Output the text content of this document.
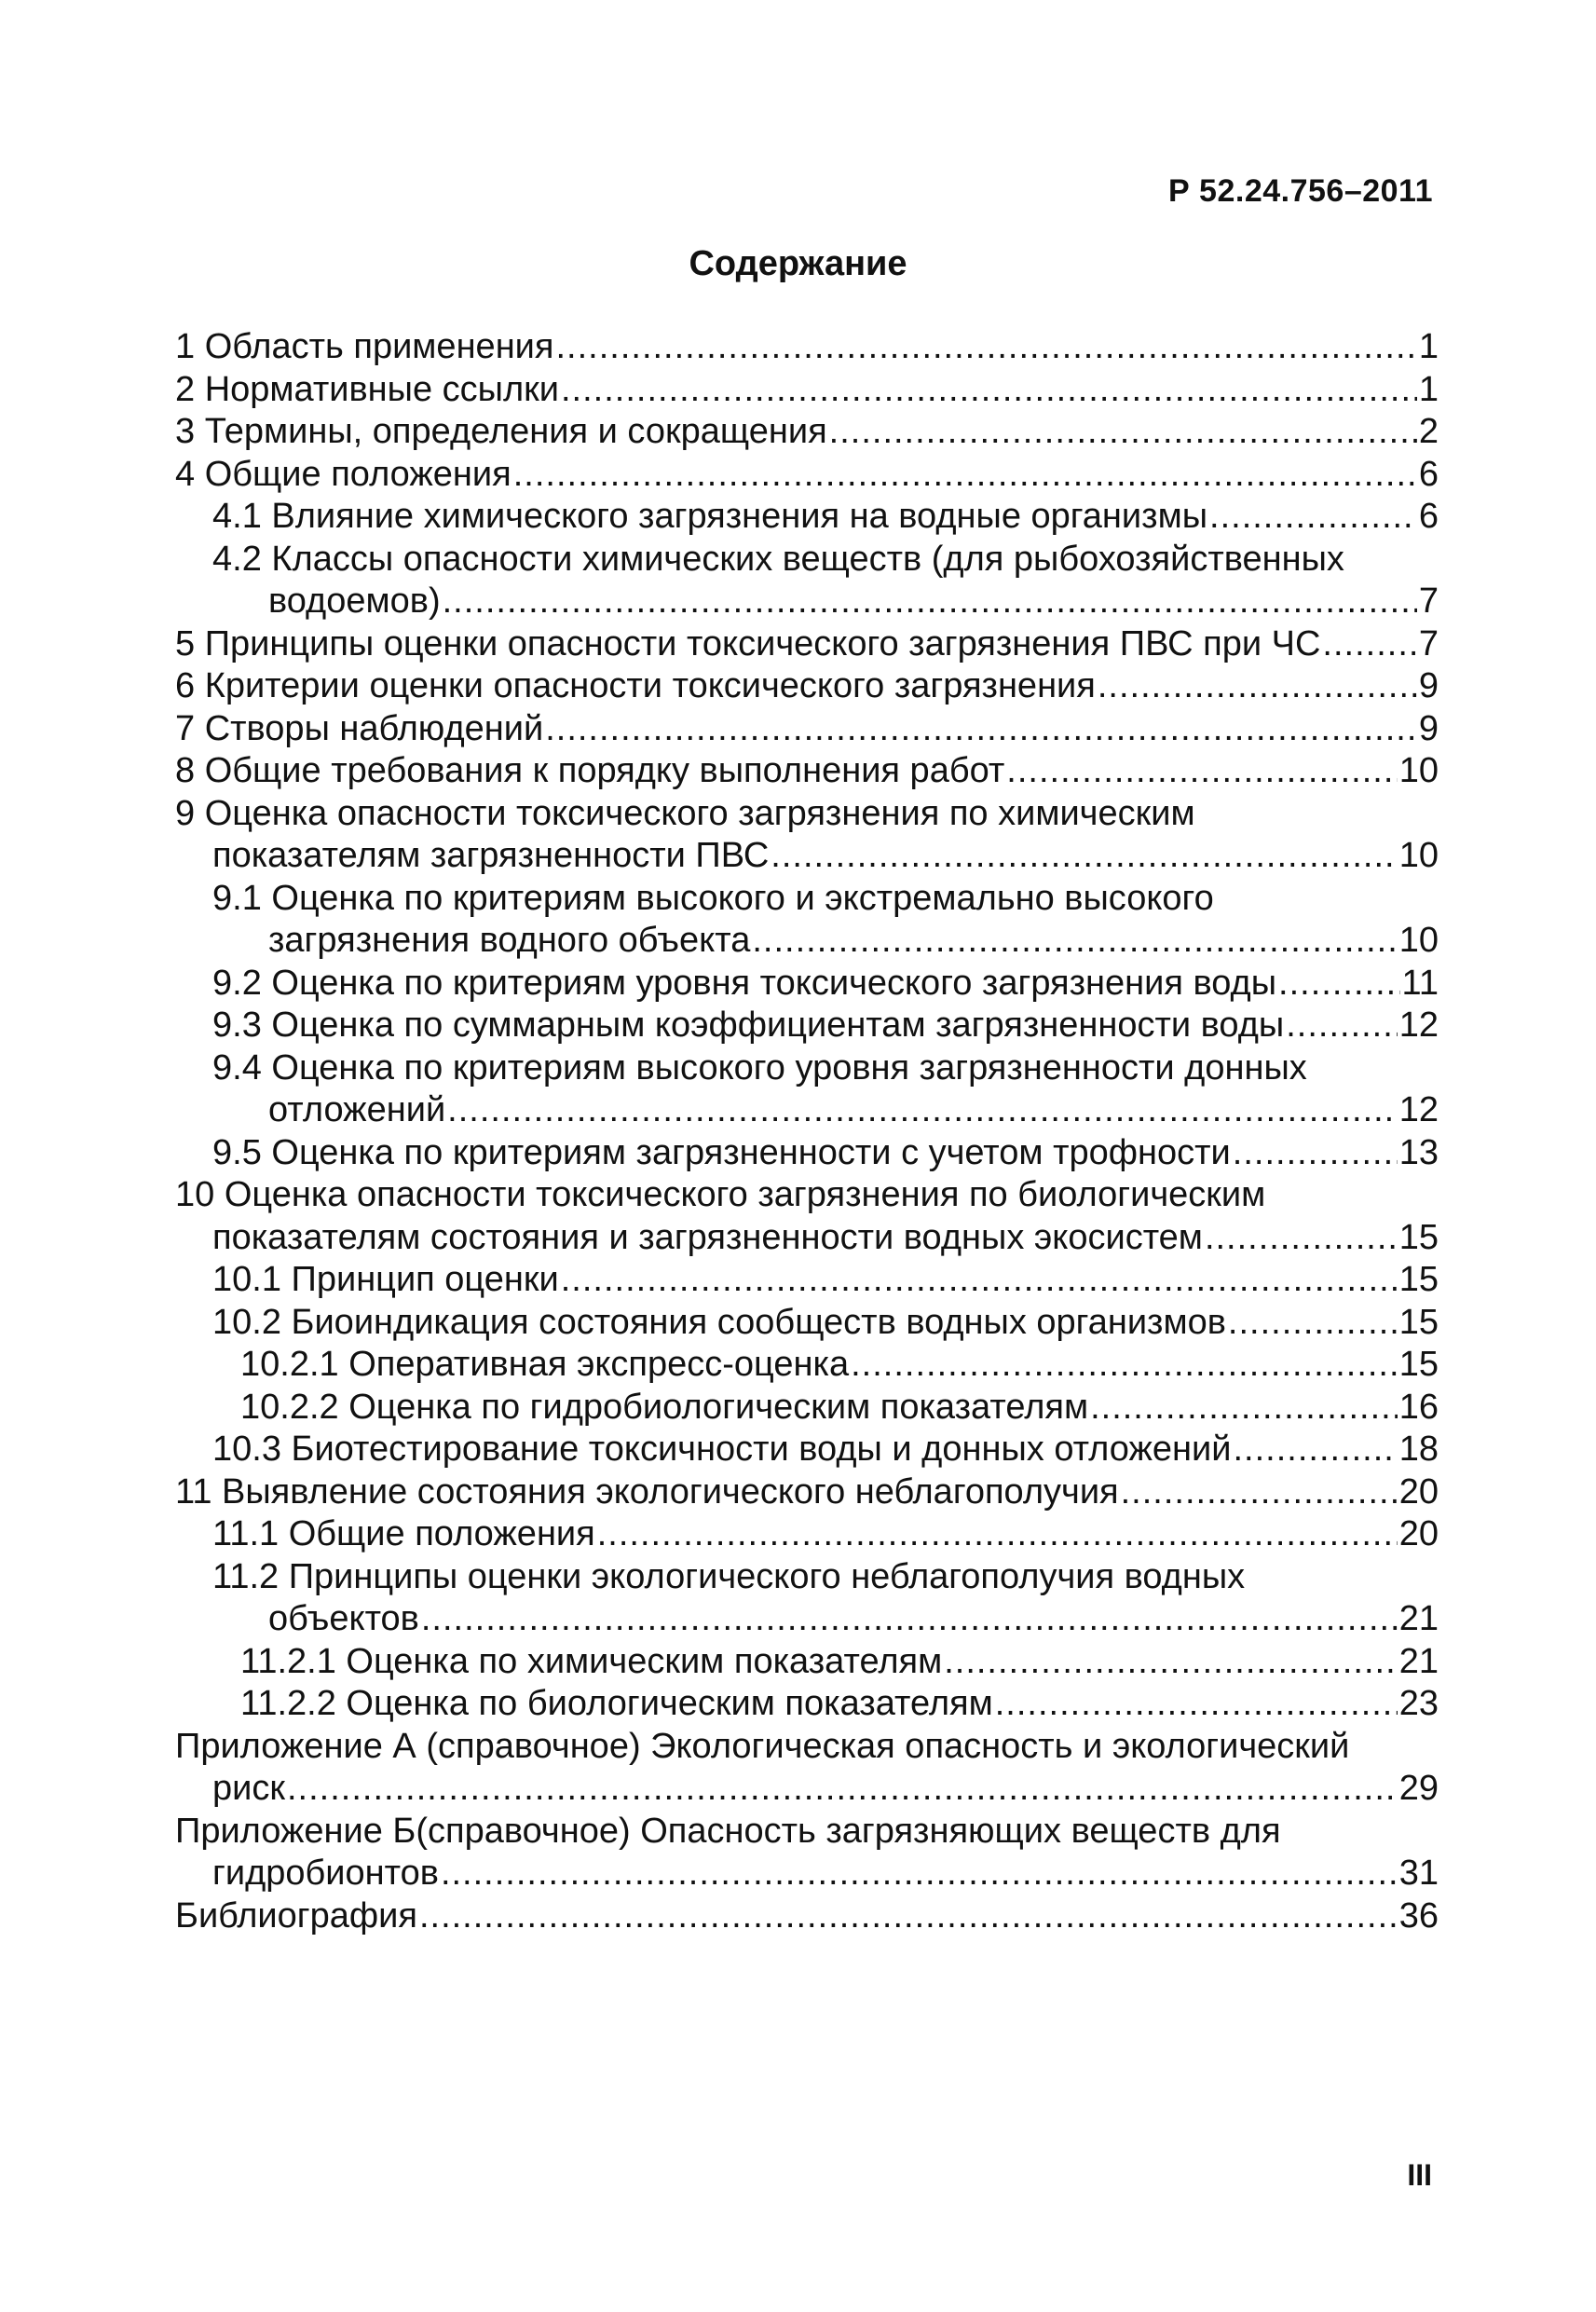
Р 52.24.756–2011
Содержание
1 Область применения .....	1
2 Нормативные ссылки .....	1
3 Термины, определения и сокращения .....	2
4 Общие положения .....	6
4.1 Влияние химического загрязнения на водные организмы .....	6
4.2 Классы опасности химических веществ (для рыбохозяйственных
водоемов) .....	7
5 Принципы оценки опасности токсического загрязнения ПВС при ЧС .....	7
6 Критерии оценки опасности токсического загрязнения .....	9
7 Створы наблюдений .....	9
8 Общие требования к порядку выполнения работ .....	10
9 Оценка опасности токсического загрязнения по химическим
показателям загрязненности ПВС .....	10
9.1 Оценка по критериям высокого и экстремально высокого
загрязнения водного объекта .....	10
9.2 Оценка по критериям уровня токсического загрязнения воды .....	11
9.3 Оценка по суммарным коэффициентам загрязненности воды .....	12
9.4 Оценка по критериям высокого уровня загрязненности донных
отложений .....	12
9.5 Оценка по критериям загрязненности с учетом трофности .....	13
10 Оценка опасности токсического загрязнения по биологическим
показателям состояния и загрязненности водных экосистем .....	15
10.1 Принцип оценки .....	15
10.2 Биоиндикация состояния сообществ водных организмов .....	15
10.2.1 Оперативная экспресс-оценка .....	15
10.2.2 Оценка по гидробиологическим показателям .....	16
10.3 Биотестирование токсичности воды и донных отложений .....	18
11 Выявление состояния экологического неблагополучия .....	20
11.1 Общие положения .....	20
11.2 Принципы оценки экологического неблагополучия водных
объектов .....	21
11.2.1 Оценка по химическим показателям .....	21
11.2.2 Оценка по биологическим показателям .....	23
Приложение А (справочное) Экологическая опасность и экологический
риск .....	29
Приложение Б(справочное) Опасность загрязняющих веществ для
гидробионтов .....	31
Библиография .....	36
III
